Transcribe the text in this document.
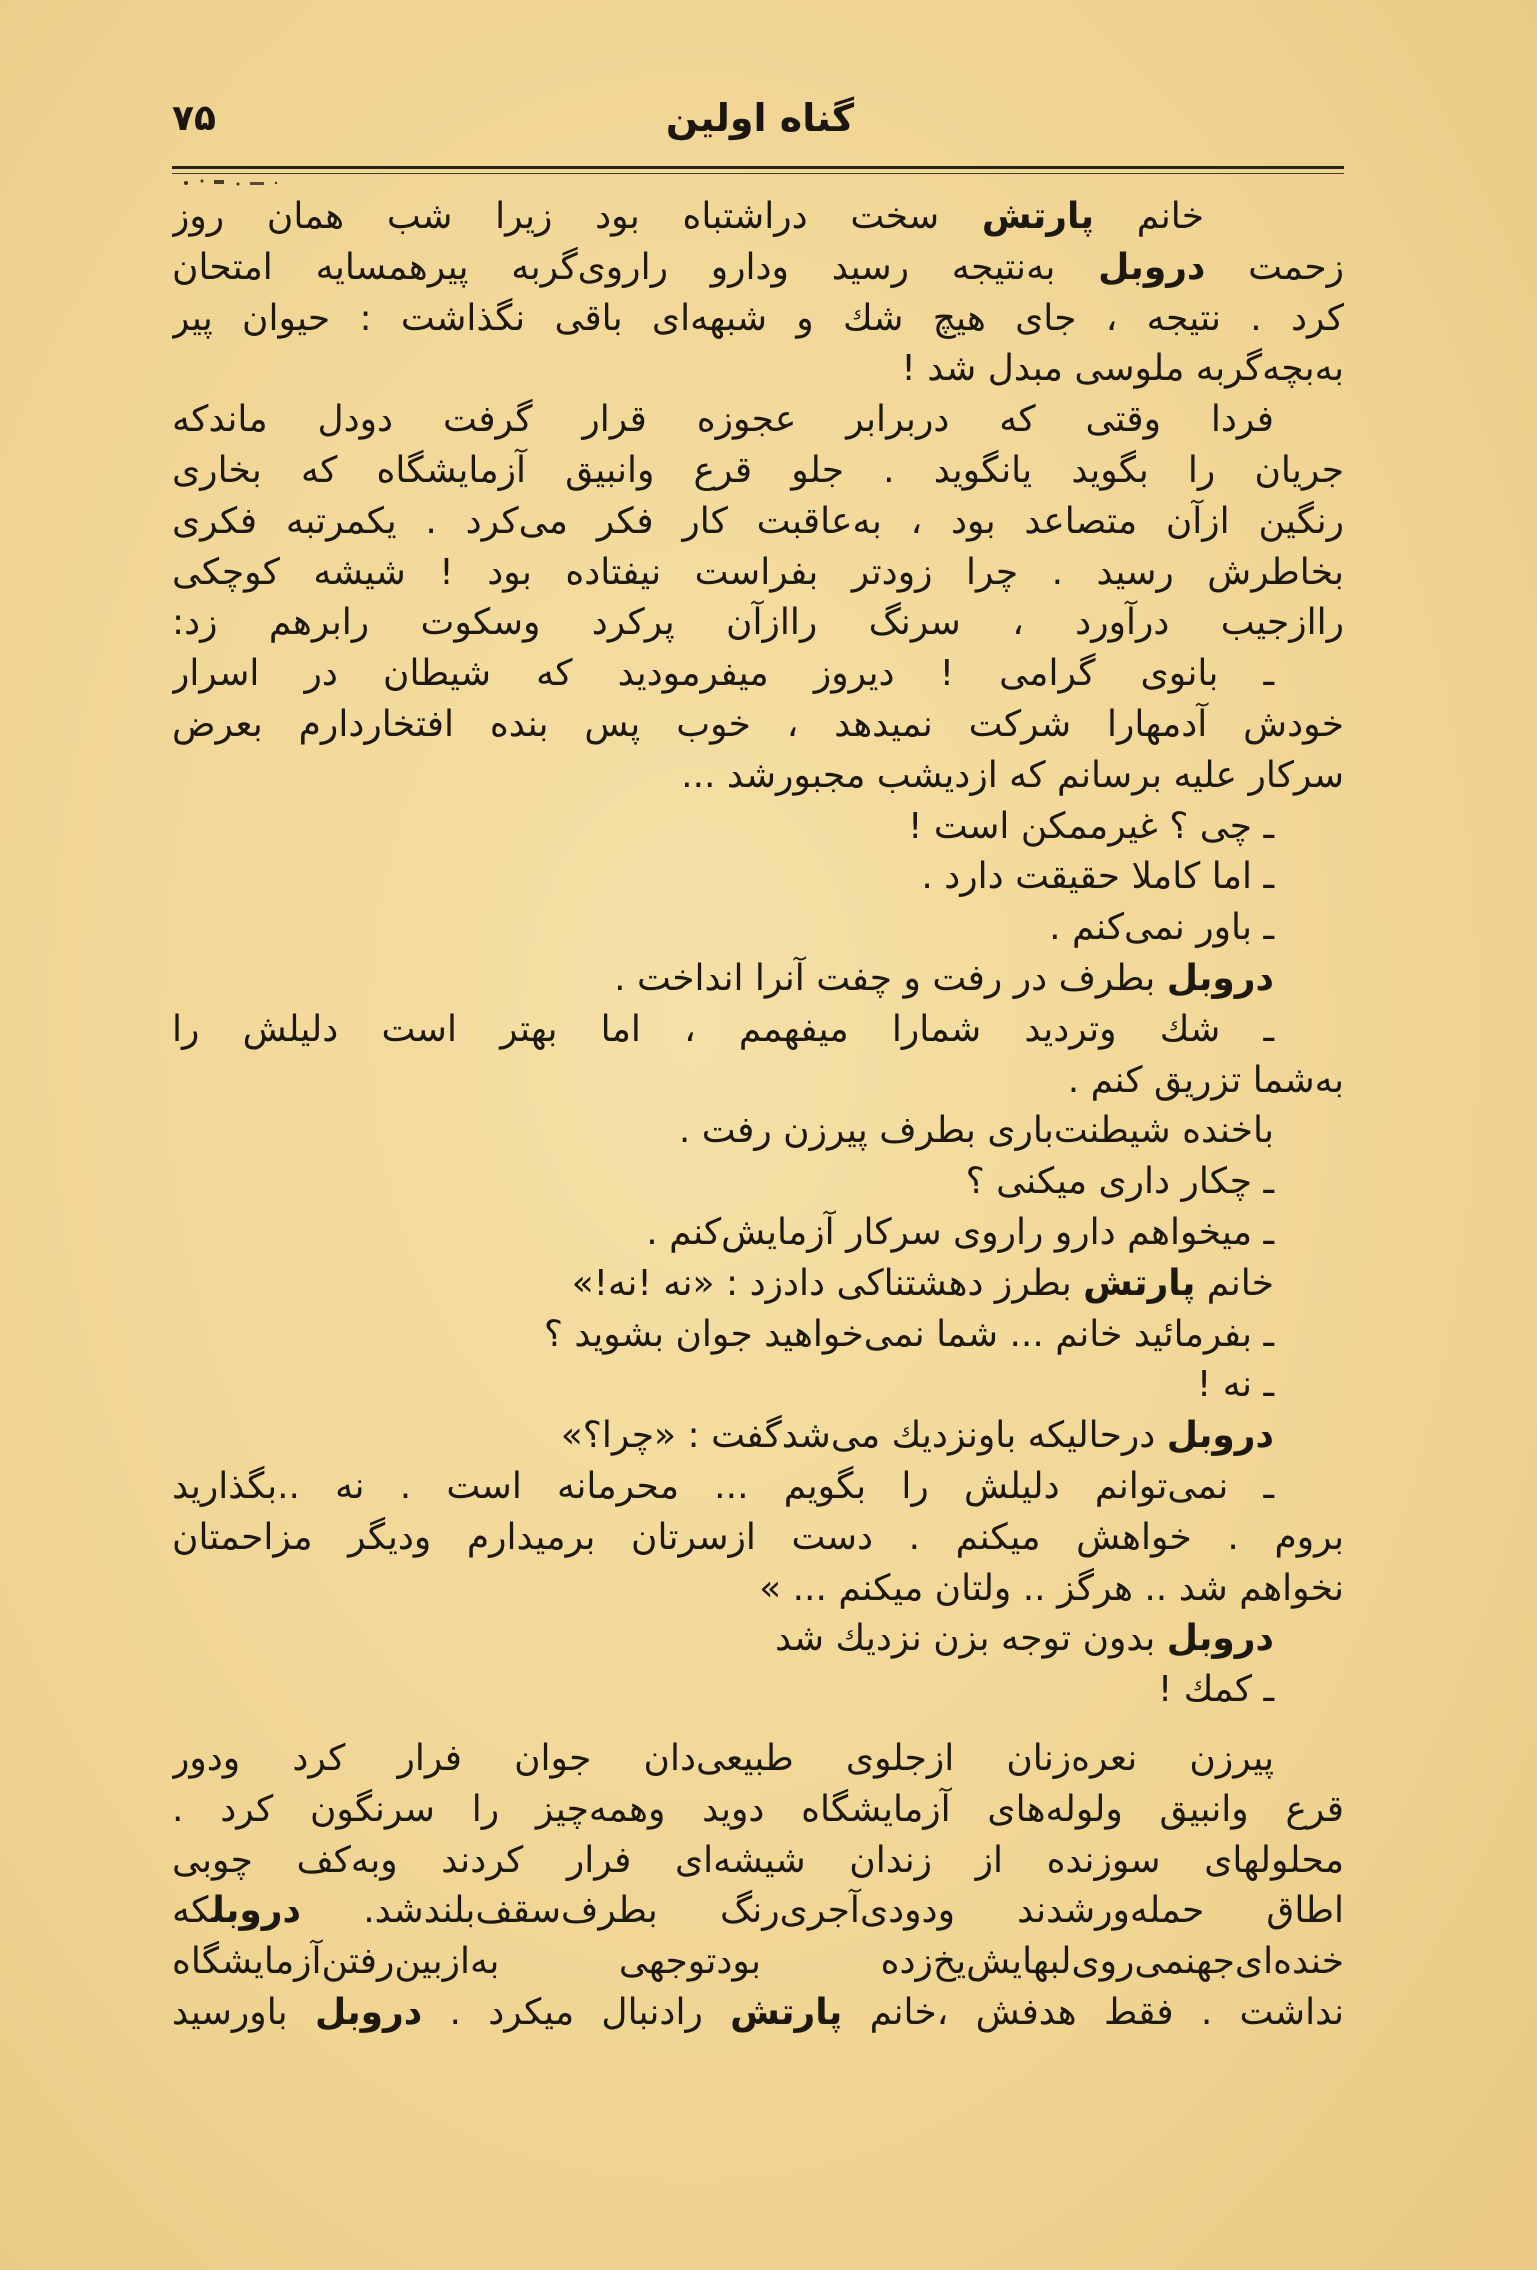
۷۵	گناه اولین
خانم پارتش سخت دراشتباه بود زیرا شب همان روز
زحمت دروبل به‌نتیجه رسید ودارو راروی‌گربه پیرهمسایه امتحان
کرد . نتیجه ، جای هیچ شك و شبهه‌ای باقی نگذاشت : حیوان پیر
به‌بچه‌گربه ملوسی مبدل شد !
فردا وقتی که دربرابر عجوزه قرار گرفت دودل ماندکه
جریان را بگوید یانگوید . جلو قرع وانبیق آزمایشگاه که بخاری
رنگین ازآن متصاعد بود ، به‌عاقبت کار فکر می‌کرد . یکمرتبه فکری
بخاطرش رسید . چرا زودتر بفراست نیفتاده بود ! شیشه کوچکی
راازجیب درآورد ، سرنگ راازآن پرکرد وسکوت رابرهم زد:
ـ بانوی گرامی ! دیروز میفرمودید که شیطان در اسرار
خودش آدمهارا شرکت نمیدهد ، خوب پس بنده افتخاردارم بعرض
سرکار علیه برسانم که ازدیشب مجبورشد ...
ـ چی ؟ غیرممکن است !
ـ اما کاملا حقیقت دارد .
ـ باور نمی‌کنم .
دروبل بطرف در رفت و چفت آنرا انداخت .
ـ شك وتردید شمارا میفهمم ، اما بهتر است دلیلش را
به‌شما تزریق کنم .
باخنده شیطنت‌باری بطرف پیرزن رفت .
ـ چکار داری میکنی ؟
ـ میخواهم دارو راروی سرکار آزمایش‌کنم .
خانم پارتش بطرز دهشتناکی دادزد : «نه !نه!»
ـ بفرمائید خانم ... شما نمی‌خواهید جوان بشوید ؟
ـ نه !
دروبل درحالیکه باونزدیك می‌شدگفت : «چرا؟»
ـ نمی‌توانم دلیلش را بگویم ... محرمانه است . نه ..بگذارید
بروم . خواهش میکنم . دست ازسرتان برمیدارم ودیگر مزاحمتان
نخواهم شد .. هرگز .. ولتان میکنم ... »
دروبل بدون توجه بزن نزدیك شد
ـ كمك !
پیرزن نعره‌زنان ازجلوی طبیعی‌دان جوان فرار کرد ودور
قرع وانبیق ولوله‌های آزمایشگاه دوید وهمه‌چیز را سرنگون کرد .
محلولهای سوزنده از زندان شیشه‌ای فرار کردند وبه‌کف چوبی
اطاق حمله‌ورشدند ودودی‌آجری‌رنگ بطرف‌سقف‌بلندشد. دروبلکه
خنده‌ای‌جهنمی‌روی‌لبهایش‌یخ‌زده بودتوجهی به‌ازبین‌رفتن‌آزمایشگاه
نداشت . فقط هدفش ،خانم پارتش رادنبال میکرد . دروبل باورسید
